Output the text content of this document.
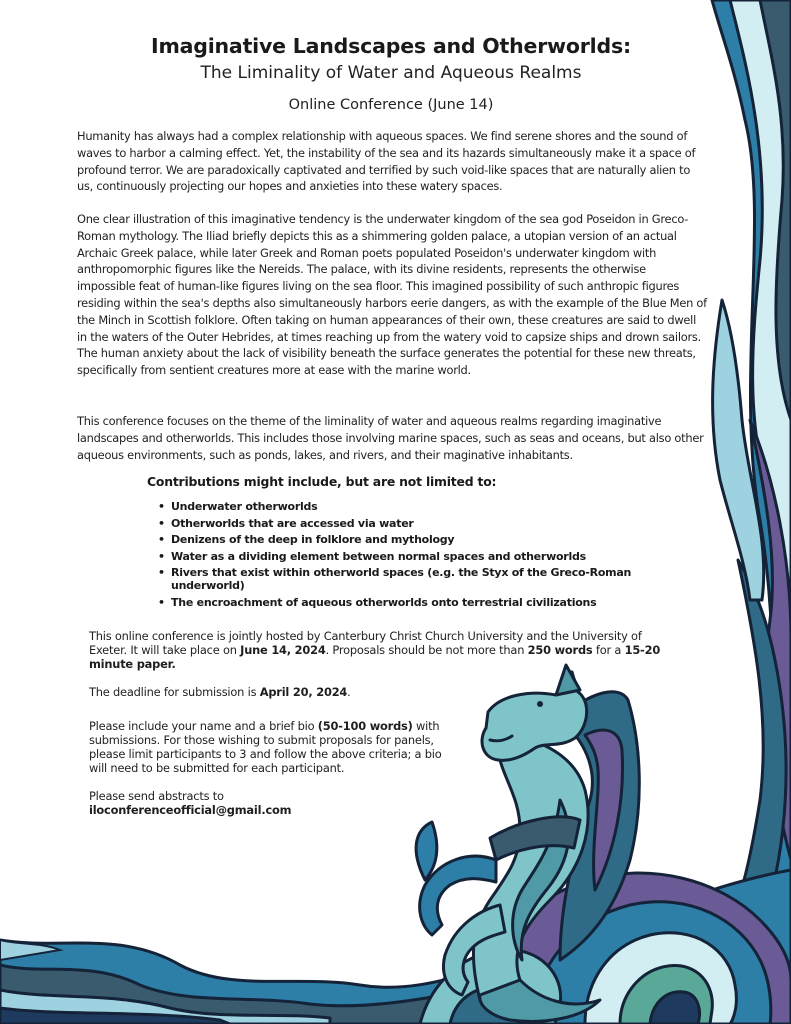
Imaginative Landscapes and Otherworlds:
The Liminality of Water and Aqueous Realms
Online Conference (June 14)

Humanity has always had a complex relationship with aqueous spaces. We find serene shores and the sound of waves to harbor a calming effect. Yet, the instability of the sea and its hazards simultaneously make it a space of profound terror. We are paradoxically captivated and terrified by such void-like spaces that are naturally alien to us, continuously projecting our hopes and anxieties into these watery spaces.

One clear illustration of this imaginative tendency is the underwater kingdom of the sea god Poseidon in Greco-Roman mythology. The Iliad briefly depicts this as a shimmering golden palace, a utopian version of an actual Archaic Greek palace, while later Greek and Roman poets populated Poseidon's underwater kingdom with anthropomorphic figures like the Nereids. The palace, with its divine residents, represents the otherwise impossible feat of human-like figures living on the sea floor. This imagined possibility of such anthropic figures residing within the sea's depths also simultaneously harbors eerie dangers, as with the example of the Blue Men of the Minch in Scottish folklore. Often taking on human appearances of their own, these creatures are said to dwell in the waters of the Outer Hebrides, at times reaching up from the watery void to capsize ships and drown sailors. The human anxiety about the lack of visibility beneath the surface generates the potential for these new threats, specifically from sentient creatures more at ease with the marine world.

This conference focuses on the theme of the liminality of water and aqueous realms regarding imaginative landscapes and otherworlds. This includes those involving marine spaces, such as seas and oceans, but also other aqueous environments, such as ponds, lakes, and rivers, and their maginative inhabitants.

Contributions might include, but are not limited to:

• Underwater otherworlds
• Otherworlds that are accessed via water
• Denizens of the deep in folklore and mythology
• Water as a dividing element between normal spaces and otherworlds
• Rivers that exist within otherworld spaces (e.g. the Styx of the Greco-Roman underworld)
• The encroachment of aqueous otherworlds onto terrestrial civilizations

This online conference is jointly hosted by Canterbury Christ Church University and the University of Exeter. It will take place on June 14, 2024. Proposals should be not more than 250 words for a 15-20 minute paper.

The deadline for submission is April 20, 2024.

Please include your name and a brief bio (50-100 words) with submissions. For those wishing to submit proposals for panels, please limit participants to 3 and follow the above criteria; a bio will need to be submitted for each participant.

Please send abstracts to
iloconferenceofficial@gmail.com
